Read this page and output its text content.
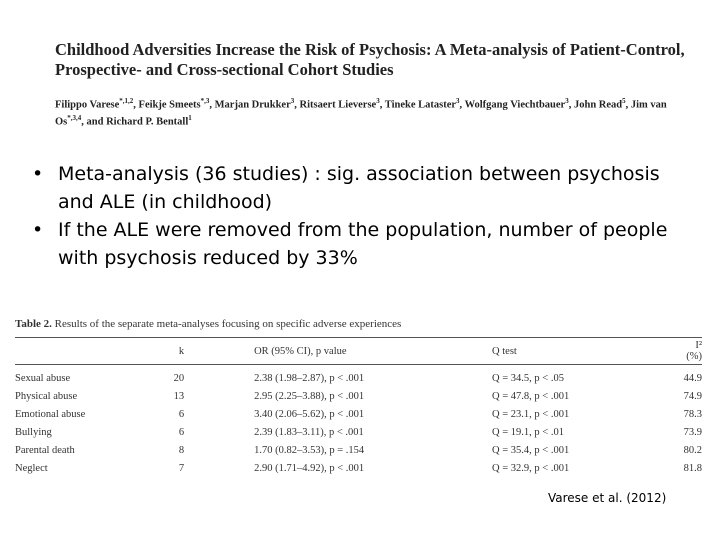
Childhood Adversities Increase the Risk of Psychosis: A Meta-analysis of Patient-Control, Prospective- and Cross-sectional Cohort Studies
Filippo Varese$^{*,1,2}$, Feikje Smeets$^{*,3}$, Marjan Drukker$^3$, Ritsaert Lieverse$^3$, Tineke Lataster$^3$, Wolfgang Viechtbauer$^3$, John Read$^5$, Jim van $Os^{*,3,4}$, and Richard P. Bentall$^1$
• Meta-analysis (36 studies) : sig. association between psychosis and ALE (in childhood)
• If the ALE were removed from the population, number of people with psychosis reduced by 33%
Table 2. Results of the separate meta-analyses focusing on specific adverse experiences
	k	OR (95% CI), p value	Q test	I² (%)
Sexual abuse	20	2.38 (1.98–2.87), p < .001	Q = 34.5, p < .05	44.9
Physical abuse	13	2.95 (2.25–3.88), p < .001	Q = 47.8, p < .001	74.9
Emotional abuse	6	3.40 (2.06–5.62), p < .001	Q = 23.1, p < .001	78.3
Bullying	6	2.39 (1.83–3.11), p < .001	Q = 19.1, p < .01	73.9
Parental death	8	1.70 (0.82–3.53), p = .154	Q = 35.4, p < .001	80.2
Neglect	7	2.90 (1.71–4.92), p < .001	Q = 32.9, p < .001	81.8
Varese et al. (2012)
